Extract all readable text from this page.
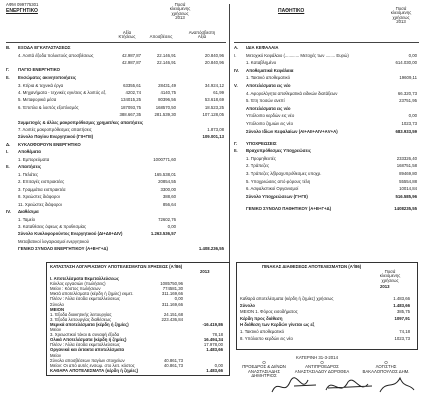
ΑΦΜ 099775301
ΕΝΕΡΓΗΤΙΚΟ	ΠΑΘΗΤΙΚΟ
Ποσά
κλειόμενης
χρήσεως
2013
Ποσά
κλειόμενης
χρήσεως
2013
Αξία
Κτήσεως	Αποσβέσεις
Αναπόσβεστη
Αξία
B. ΕΞΟΔΑ ΕΓΚΑΤΑΣΤΑΣΕΩΣ
4. Λοιπά έξοδα πολυετούς αποσβέσεως	42.987,87	22.146,91	20.840,96
42.987,87	22.146,91	20.840,96
Γ. ΠΑΓΙΟ ΕΝΕΡΓΗΤΙΚΟ
II. Ενσώματες ακινητοποιήσεις
3. Κτίρια & τεχνικά έργα	63355,61	28431,49	34.924,12
4. Μηχανήματα - τεχνικές εγκ/σεις & λοιπός εξ.	4202,74	4140,75	61,99
5. Μεταφορικά μέσα	134015,25	80396,56	53.618,69
6. Έπιπλα & λοιπός εξοπλισμός	187093,75	168570,50	18.523,25
388.667,35	281.539,30	107.128,05
Συμμετοχές & άλλες μακροπρόθεσμες χρηματ/κες απαιτήσεις
7. Λοιπές μακροπρόθεσμες απαιτήσεις	1.873,08
Σύνολο Παγίου Ενεργητικού (ΓΙΙ+ΓΙΙΙ)	109.001,13
Δ. ΚΥΚΛΟΦΟΡΟΥΝ ΕΝΕΡΓΗΤΙΚΟ
I. Αποθέματα
1. Εμπορεύματα	1000771,60
II. Απαιτήσεις
1. Πελάτες	165.538,01
2. Επιταγές εισπρακτέες	20854,55
3. Γραμμάτια εισπρακτέα	3300,00
8. Χρεώστες διάφοροι	388,60
11. Χρεώστες διάφοροι	856,64
IV. Διαθέσιμα
1. Ταμείο	72602,76
3. Καταθέσεις όψεως & προθεσμίας	0,00
Σύνολο Κυκλοφορούντος Ενεργητικού (ΔΙ+ΔΙΙ+ΔΙV)	1.263.536,57
Μεταβατικοί λογαριασμοί ενεργητικού
ΓΕΝΙΚΟ ΣΥΝΟΛΟ ΕΝΕΡΓΗΤΙΚΟΥ (Α+Β+Γ+Δ)	1.408.236,55
A. ΙΔΙΑ ΚΕΦΑΛΑΙΑ
I. Μετοχικό Κεφάλαιο (............ Μετοχές των ........ Ευρώ)	0,00
1. Καταβλημένο	614.030,00
IV. Αποθεματικά Κεφάλαια
1. Τακτικό αποθεματικό	19609,11
V. Αποτελέσματα εις νέο
4. Αφορολόγητα αποθεματικά ειδικών διατάξεων	66.320,73
5. Έτη ποσών ανεπί	23751,95
Αποτελέσματα εις νέο
Υπόλοιπο κερδών εις νέο	0,00
Υπόλοιπο ζημιών εις νέο	1023,73
Σύνολο Ιδίων Κεφαλαίων (ΑΙ+ΑΙΙ+ΑΙV+ΑV+Α)	683.933,59
Γ. ΥΠΟΧΡΕΩΣΕΙΣ
II. Βραχυπρόθεσμες Υποχρεώσεις
1. Προμηθευτές	233326,40
2. Τράπεζες	168751,58
3. Τράπεζες λ/βραχυπρόθεσμες υποχρ.	89469,80
5. Υποχρεώσεις από φόρους τέλη	55554,88
6. Ασφαλιστικοί Οργανισμοί	10014,84
Σύνολο Υποχρεώσεων (ΓΙ+ΓΙΙ)	516.585,96
ΓΕΝΙΚΟ ΣΥΝΟΛΟ ΠΑΘΗΤΙΚΟΥ (Α+Β+Γ+Δ)	1408235,55
ΚΑΤΑΣΤΑΣΗ ΛΟΓΑΡΙΑΣΜΟΥ ΑΠΟΤΕΛΕΣΜΑΤΩΝ ΧΡΗΣΕΩΣ (Α'/86)
2013
I. Αποτελέσματα Εκμεταλλεύσεως
Κύκλος εργασιών (πωλήσεις)	1085750,96
Μείον : Κόστος πωλήσεων	774581,30
Μικτά αποτελέσματα (κέρδη ή ζημίες) εκμετ.	311.169,66
Πλέον : Άλλα έσοδα εκμεταλλεύσεως	0,00
Σύνολο	311.169,66
ΜΕΙΟΝ
1. Έξοδα διοικητικής λειτουργίας	24.151,68
3. Έξοδα λειτουργίας διαθέσεως	223.436,84
Μερικά αποτελέσματα (κέρδη ή ζημίες)	-16.419,86
Μείον
3. Χρεωστικοί τόκοι & συναφή έξοδα	78,18
Ολικά Αποτελέσματα (κέρδη ή ζημίες)	16.494,34
Πλέον : Άλλα έσοδα εκμεταλλεύσεως	17.978,00
Οργανικά και έκτακτα αποτελέσματα	1.483,66
Μείον
Σύνολο αποσβέσεων παγίων στοιχείων	40.861,73
Μείον: Οι από αυτές ενσωμ. στο λειτ. κόστος	40.861,73	0,00
ΚΑΘΑΡΑ ΑΠΟΤΕΛΕΣΜΑΤΑ (κέρδη ή ζημίες)	1.483,66
ΠΙΝΑΚΑΣ ΔΙΑΘΕΣΕΩΣ ΑΠΟΤΕΛΕΣΜΑΤΩΝ (Α'/86)
Ποσά
κλειόμενης
χρήσεως
2013
Καθαρά αποτελέσματα (κέρδη ή ζημίες) χρήσεως	1.483,66
Σύνολο	1.483,66
ΜΕΙΟΝ 1. Φόρος εισοδήματος	385,75
Κέρδη προς διάθεση	1097,91
Η διάθεση των Κερδών γίνεται ως εξ
1. Τακτικό αποθεματικό	74,18
8. Υπόλοιπο κερδών εις νέο	1023,73
ΚΑΤΕΡΙΝΗ 31-3-2014
Ο
ΠΡΟΕΔΡΟΣ & ΔΙ/ΝΩΝ
ΑΝΑΣΤΑΣΙΑΔΗΣ
ΔΗΜΗΤΡΙΟΣ
Ο
ΑΝΤΙΠΡΟΕΔΡΟΣ
ΑΝΑΣΤΑΣΙΑΔΟΥ ΔΟΡΟΘΕΑ
Ο
ΛΟΓΙΣΤΗΣ
ΒΑΚΑΛΟΠΟΥΛΟΣ ΔΗΜ.
